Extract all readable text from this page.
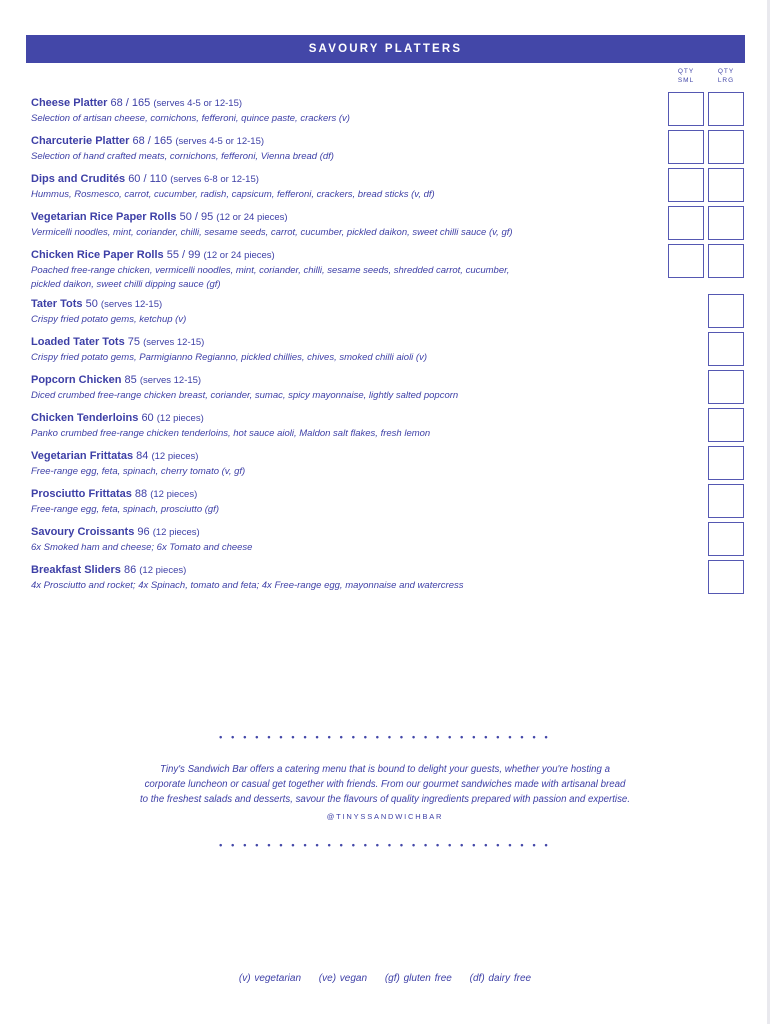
SAVOURY PLATTERS
QTY
SML
QTY
LRG
Cheese Platter 68 / 165 (serves 4-5 or 12-15)
Selection of artisan cheese, cornichons, fefferoni, quince paste, crackers (v)
Charcuterie Platter 68 / 165 (serves 4-5 or 12-15)
Selection of hand crafted meats, cornichons, fefferoni, Vienna bread (df)
Dips and Crudités 60 / 110 (serves 6-8 or 12-15)
Hummus, Rosmesco, carrot, cucumber, radish, capsicum, fefferoni, crackers, bread sticks (v, df)
Vegetarian Rice Paper Rolls 50 / 95 (12 or 24 pieces)
Vermicelli noodles, mint, coriander, chilli, sesame seeds, carrot, cucumber, pickled daikon, sweet chilli sauce (v, gf)
Chicken Rice Paper Rolls 55 / 99 (12 or 24 pieces)
Poached free-range chicken, vermicelli noodles, mint, coriander, chilli, sesame seeds, shredded carrot, cucumber,
pickled daikon, sweet chilli dipping sauce (gf)
Tater Tots 50 (serves 12-15)
Crispy fried potato gems, ketchup (v)
Loaded Tater Tots 75 (serves 12-15)
Crispy fried potato gems, Parmigianno Regianno, pickled chillies, chives, smoked chilli aioli (v)
Popcorn Chicken 85 (serves 12-15)
Diced crumbed free-range chicken breast, coriander, sumac, spicy mayonnaise, lightly salted popcorn
Chicken Tenderloins 60 (12 pieces)
Panko crumbed free-range chicken tenderloins, hot sauce aioli, Maldon salt flakes, fresh lemon
Vegetarian Frittatas 84 (12 pieces)
Free-range egg, feta, spinach, cherry tomato (v, gf)
Prosciutto Frittatas 88 (12 pieces)
Free-range egg, feta, spinach, prosciutto (gf)
Savoury Croissants 96 (12 pieces)
6x Smoked ham and cheese; 6x Tomato and cheese
Breakfast Sliders 86 (12 pieces)
4x Prosciutto and rocket; 4x Spinach, tomato and feta; 4x Free-range egg, mayonnaise and watercress
• • • • • • • • • • • • • • • • • • • • • • • • • • • •
Tiny's Sandwich Bar offers a catering menu that is bound to delight your guests, whether you're hosting a
corporate luncheon or casual get together with friends. From our gourmet sandwiches made with artisanal bread
to the freshest salads and desserts, savour the flavours of quality ingredients prepared with passion and expertise.
@TINYSSANDWICHBAR
• • • • • • • • • • • • • • • • • • • • • • • • • • • •
(v) vegetarian (ve) vegan (gf) gluten free (df) dairy free
